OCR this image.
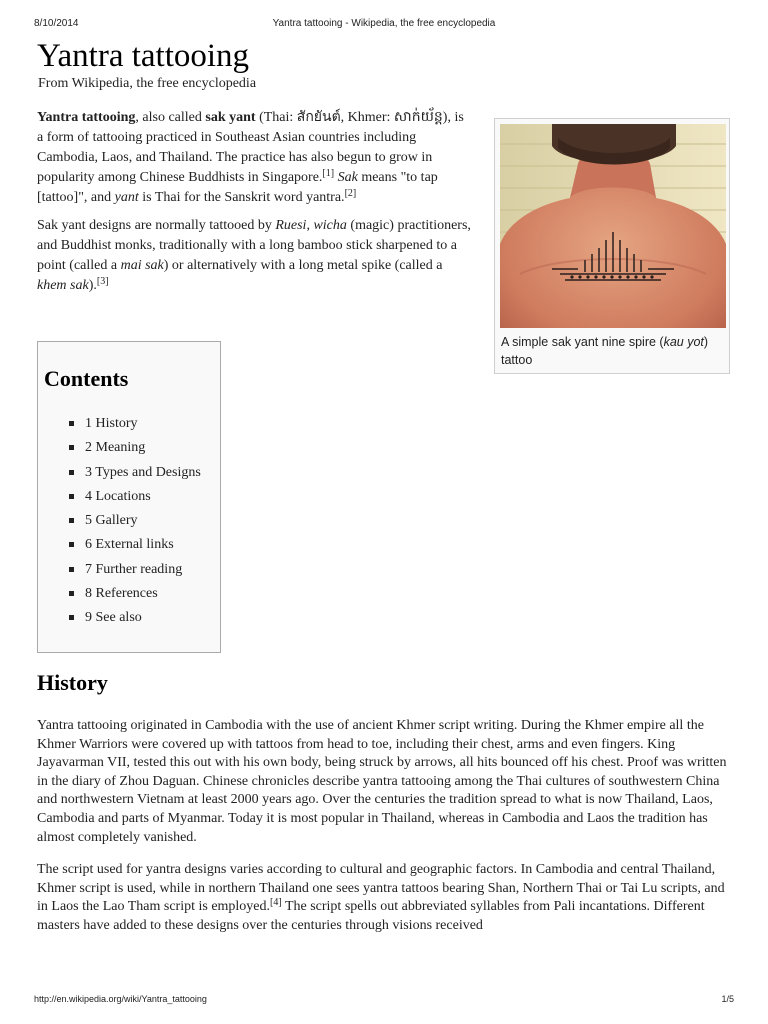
8/10/2014	Yantra tattooing - Wikipedia, the free encyclopedia
Yantra tattooing
From Wikipedia, the free encyclopedia

Yantra tattooing, also called sak yant (Thai: สักยันต์, Khmer: សាក់យ័ន្ត), is a form of tattooing practiced in Southeast Asian countries including Cambodia, Laos, and Thailand. The practice has also begun to grow in popularity among Chinese Buddhists in Singapore.[1] Sak means "to tap [tattoo]", and yant is Thai for the Sanskrit word yantra.[2]

Sak yant designs are normally tattooed by Ruesi, wicha (magic) practitioners, and Buddhist monks, traditionally with a long bamboo stick sharpened to a point (called a mai sak) or alternatively with a long metal spike (called a khem sak).[3]

A simple sak yant nine spire (kau yot) tattoo
Contents
1 History
2 Meaning
3 Types and Designs
4 Locations
5 Gallery
6 External links
7 Further reading
8 References
9 See also
History

Yantra tattooing originated in Cambodia with the use of ancient Khmer script writing. During the Khmer empire all the Khmer Warriors were covered up with tattoos from head to toe, including their chest, arms and even fingers. King Jayavarman VII, tested this out with his own body, being struck by arrows, all hits bounced off his chest. Proof was written in the diary of Zhou Daguan. Chinese chronicles describe yantra tattooing among the Thai cultures of southwestern China and northwestern Vietnam at least 2000 years ago. Over the centuries the tradition spread to what is now Thailand, Laos, Cambodia and parts of Myanmar. Today it is most popular in Thailand, whereas in Cambodia and Laos the tradition has almost completely vanished.

The script used for yantra designs varies according to cultural and geographic factors. In Cambodia and central Thailand, Khmer script is used, while in northern Thailand one sees yantra tattoos bearing Shan, Northern Thai or Tai Lu scripts, and in Laos the Lao Tham script is employed.[4] The script spells out abbreviated syllables from Pali incantations. Different masters have added to these designs over the centuries through visions received

http://en.wikipedia.org/wiki/Yantra_tattooing	1/5
